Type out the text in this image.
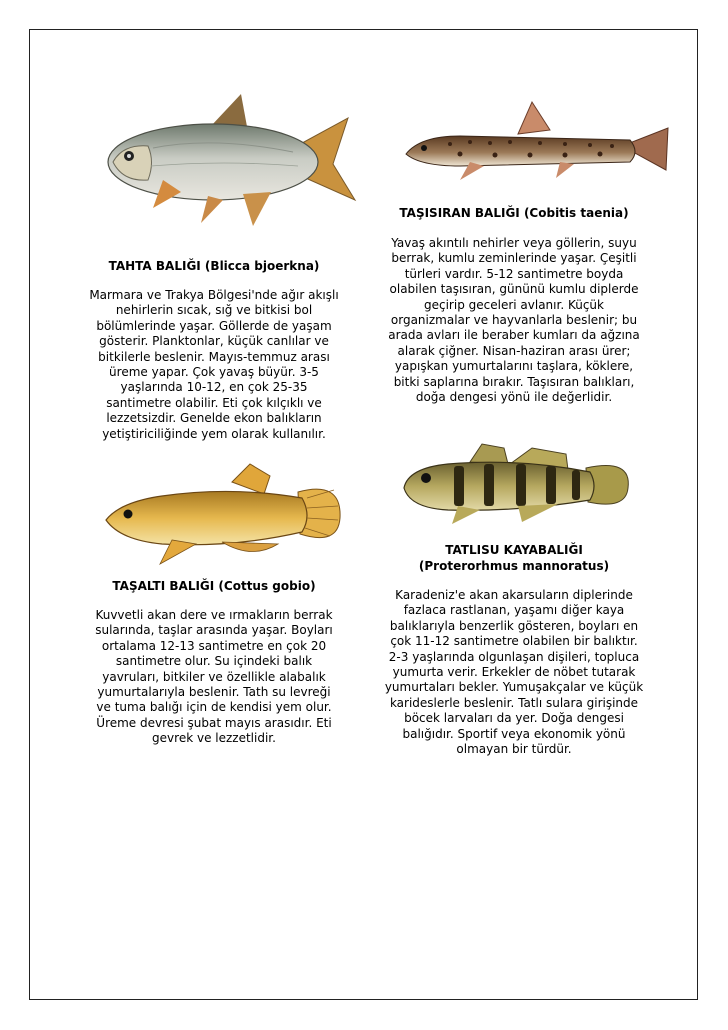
TAHTA BALIĞI (Blicca bjoerkna)
Marmara ve Trakya Bölgesi'nde ağır akışlı nehirlerin sıcak, sığ ve bitkisi bol bölümlerinde yaşar. Göllerde de yaşam gösterir. Planktonlar, küçük canlılar ve bitkilerle beslenir. Mayıs-temmuz arası üreme yapar. Çok yavaş büyür. 3-5 yaşlarında 10-12, en çok 25-35 santimetre olabilir. Eti çok kılçıklı ve lezzetsizdir. Genelde ekon balıkların yetiştiriciliğinde yem olarak kullanılır.
TAŞISIRAN BALIĞI (Cobitis taenia)
Yavaş akıntılı nehirler veya göllerin, suyu berrak, kumlu zeminlerinde yaşar. Çeşitli türleri vardır. 5-12 santimetre boyda olabilen taşısıran, gününü kumlu diplerde geçirip geceleri avlanır. Küçük organizmalar ve hayvanlarla beslenir; bu arada avları ile beraber kumları da ağzına alarak çiğner. Nisan-haziran arası ürer; yapışkan yumurtalarını taşlara, köklere, bitki saplarına bırakır. Taşısıran balıkları, doğa dengesi yönü ile değerlidir.
TAŞALTI BALIĞI (Cottus gobio)
Kuvvetli akan dere ve ırmakların berrak sularında, taşlar arasında yaşar. Boyları ortalama 12-13 santimetre en çok 20 santimetre olur. Su içindeki balık yavruları, bitkiler ve özellikle alabalık yumurtalarıyla beslenir. Tath su levreği ve tuma balığı için de kendisi yem olur. Üreme devresi şubat mayıs arasıdır. Eti gevrek ve lezzetlidir.
TATLISU KAYABALIĞI
(Proterorhmus mannoratus)
Karadeniz'e akan akarsuların diplerinde fazlaca rastlanan, yaşamı diğer kaya balıklarıyla benzerlik gösteren, boyları en çok 11-12 santimetre olabilen bir balıktır. 2-3 yaşlarında olgunlaşan dişileri, topluca yumurta verir. Erkekler de nöbet tutarak yumurtaları bekler. Yumuşakçalar ve küçük karideslerle beslenir. Tatlı sulara girişinde böcek larvaları da yer. Doğa dengesi balığıdır. Sportif veya ekonomik yönü olmayan bir türdür.
